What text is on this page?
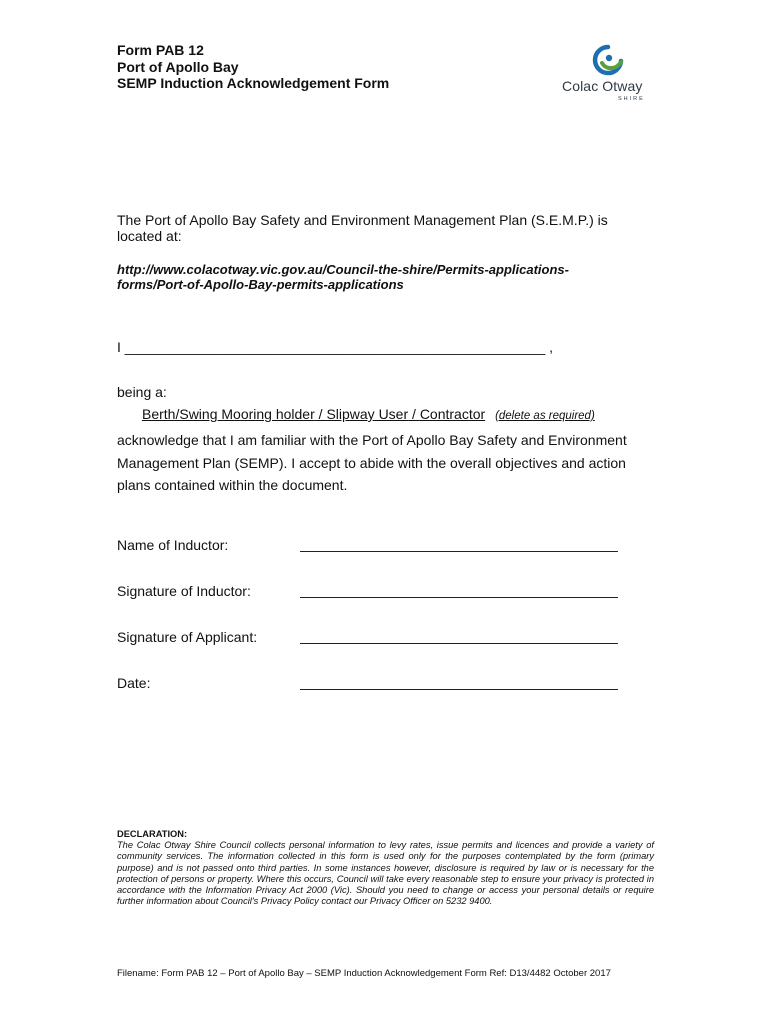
Form PAB 12
Port of Apollo Bay
SEMP Induction Acknowledgement Form	Colac Otway
SHIRE
The Port of Apollo Bay Safety and Environment Management Plan (S.E.M.P.) is located at:
http://www.colacotway.vic.gov.au/Council-the-shire/Permits-applications-forms/Port-of-Apollo-Bay-permits-applications
I ______________________________________________________ ,
being a:
Berth/Swing Mooring holder / Slipway User / Contractor (delete as required)
acknowledge that I am familiar with the Port of Apollo Bay Safety and Environment Management Plan (SEMP). I accept to abide with the overall objectives and action plans contained within the document.
Name of Inductor:
Signature of Inductor:
Signature of Applicant:
Date:
DECLARATION:
The Colac Otway Shire Council collects personal information to levy rates, issue permits and licences and provide a variety of community services. The information collected in this form is used only for the purposes contemplated by the form (primary purpose) and is not passed onto third parties. In some instances however, disclosure is required by law or is necessary for the protection of persons or property. Where this occurs, Council will take every reasonable step to ensure your privacy is protected in accordance with the Information Privacy Act 2000 (Vic). Should you need to change or access your personal details or require further information about Council's Privacy Policy contact our Privacy Officer on 5232 9400.
Filename: Form PAB 12 – Port of Apollo Bay – SEMP Induction Acknowledgement Form Ref: D13/4482 October 2017
